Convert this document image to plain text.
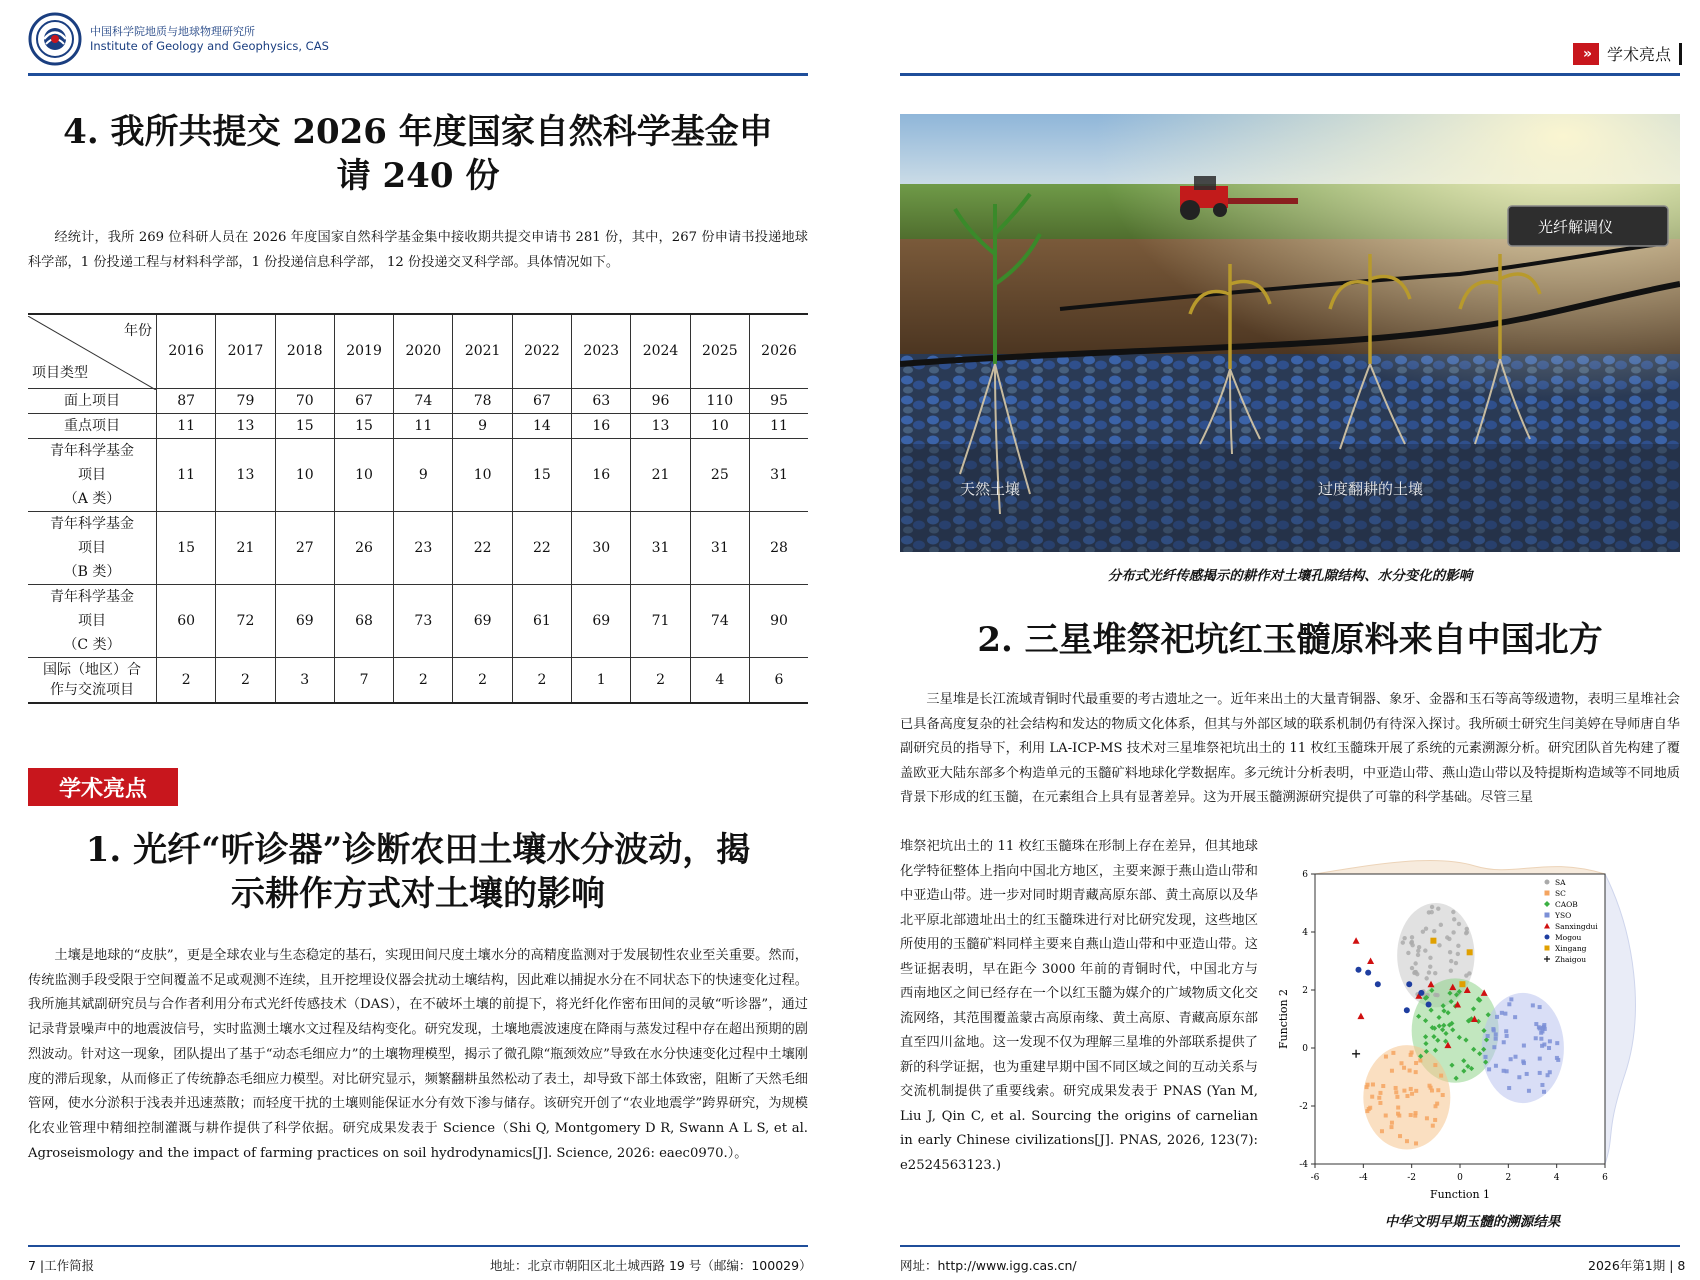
中国科学院地质与地球物理研究所
Institute of Geology and Geophysics, CAS
4. 我所共提交 2026 年度国家自然科学基金申
请 240 份

经统计，我所 269 位科研人员在 2026 年度国家自然科学基金集中接收期共提交申请书 281 份，其中，267 份申请书投递地球科学部，1 份投递工程与材料科学部，1 份投递信息科学部， 12 份投递交叉科学部。具体情况如下。

年份
项目类型	2016	2017	2018	2019	2020	2021	2022	2023	2024	2025	2026

面上项目	87	79	70	67	74	78	67	63	96	110	95

重点项目	11	13	15	15	11	9	14	16	13	10	11

青年科学基金
项目
（A 类）	11	13	10	10	9	10	15	16	21	25	31

青年科学基金
项目
（B 类）	15	21	27	26	23	22	22	30	31	31	28

青年科学基金
项目
（C 类）	60	72	69	68	73	69	61	69	71	74	90

国际（地区）合
作与交流项目	2	2	3	7	2	2	2	1	2	4	6
学术亮点
1. 光纤“听诊器”诊断农田土壤水分波动，揭
示耕作方式对土壤的影响

土壤是地球的“皮肤”，更是全球农业与生态稳定的基石，实现田间尺度土壤水分的高精度监测对于发展韧性农业至关重要。然而，传统监测手段受限于空间覆盖不足或观测不连续，且开挖埋设仪器会扰动土壤结构，因此难以捕捉水分在不同状态下的快速变化过程。我所施其斌副研究员与合作者利用分布式光纤传感技术（DAS），在不破坏土壤的前提下，将光纤化作密布田间的灵敏“听诊器”，通过记录背景噪声中的地震波信号，实时监测土壤水文过程及结构变化。研究发现，土壤地震波速度在降雨与蒸发过程中存在超出预期的剧烈波动。针对这一现象，团队提出了基于“动态毛细应力”的土壤物理模型，揭示了微孔隙“瓶颈效应”导致在水分快速变化过程中土壤刚度的滞后现象，从而修正了传统静态毛细应力模型。对比研究显示，频繁翻耕虽然松动了表土，却导致下部土体致密，阻断了天然毛细管网，使水分淤积于浅表并迅速蒸散；而轻度干扰的土壤则能保证水分有效下渗与储存。该研究开创了“农业地震学”跨界研究，为规模化农业管理中精细控制灌溉与耕作提供了科学依据。研究成果发表于 Science（Shi Q, Montgomery D R, Swann A L S, et al. Agroseismology and the impact of farming practices on soil hydrodynamics[J]. Science, 2026: eaec0970.）。

7 |工作简报	地址：北京市朝阳区北土城西路 19 号（邮编：100029）
»	学术亮点
光纤解调仪
天然土壤	过度翻耕的土壤
分布式光纤传感揭示的耕作对土壤孔隙结构、水分变化的影响
2. 三星堆祭祀坑红玉髓原料来自中国北方

三星堆是长江流域青铜时代最重要的考古遗址之一。近年来出土的大量青铜器、象牙、金器和玉石等高等级遗物，表明三星堆社会已具备高度复杂的社会结构和发达的物质文化体系，但其与外部区域的联系机制仍有待深入探讨。我所硕士研究生闫美婷在导师唐自华副研究员的指导下，利用 LA-ICP-MS 技术对三星堆祭祀坑出土的 11 枚红玉髓珠开展了系统的元素溯源分析。研究团队首先构建了覆盖欧亚大陆东部多个构造单元的玉髓矿料地球化学数据库。多元统计分析表明，中亚造山带、燕山造山带以及特提斯构造域等不同地质背景下形成的红玉髓，在元素组合上具有显著差异。这为开展玉髓溯源研究提供了可靠的科学基础。尽管三星

堆祭祀坑出土的 11 枚红玉髓珠在形制上存在差异，但其地球化学特征整体上指向中国北方地区，主要来源于燕山造山带和中亚造山带。进一步对同时期青藏高原东部、黄土高原以及华北平原北部遗址出土的红玉髓珠进行对比研究发现，这些地区所使用的玉髓矿料同样主要来自燕山造山带和中亚造山带。这些证据表明，早在距今 3000 年前的青铜时代，中国北方与西南地区之间已经存在一个以红玉髓为媒介的广域物质文化交流网络，其范围覆盖蒙古高原南缘、黄土高原、青藏高原东部直至四川盆地。这一发现不仅为理解三星堆的外部联系提供了新的科学证据，也为重建早期中国不同区域之间的互动关系与交流机制提供了重要线索。研究成果发表于 PNAS (Yan M, Liu J, Qin C, et al. Sourcing the origins of carnelian in early Chinese civilizations[J]. PNAS, 2026, 123(7): e2524563123.)

-6	-4	-2	0	2	4	6
-4
-2
0
2
4
6
Function 1
Function 2
SA
SC
CAOB
YSO
Sanxingdui
Mogou
Xingang
Zhaigou
中华文明早期玉髓的溯源结果
网址：http://www.igg.cas.cn/	2026年第1期 | 8
